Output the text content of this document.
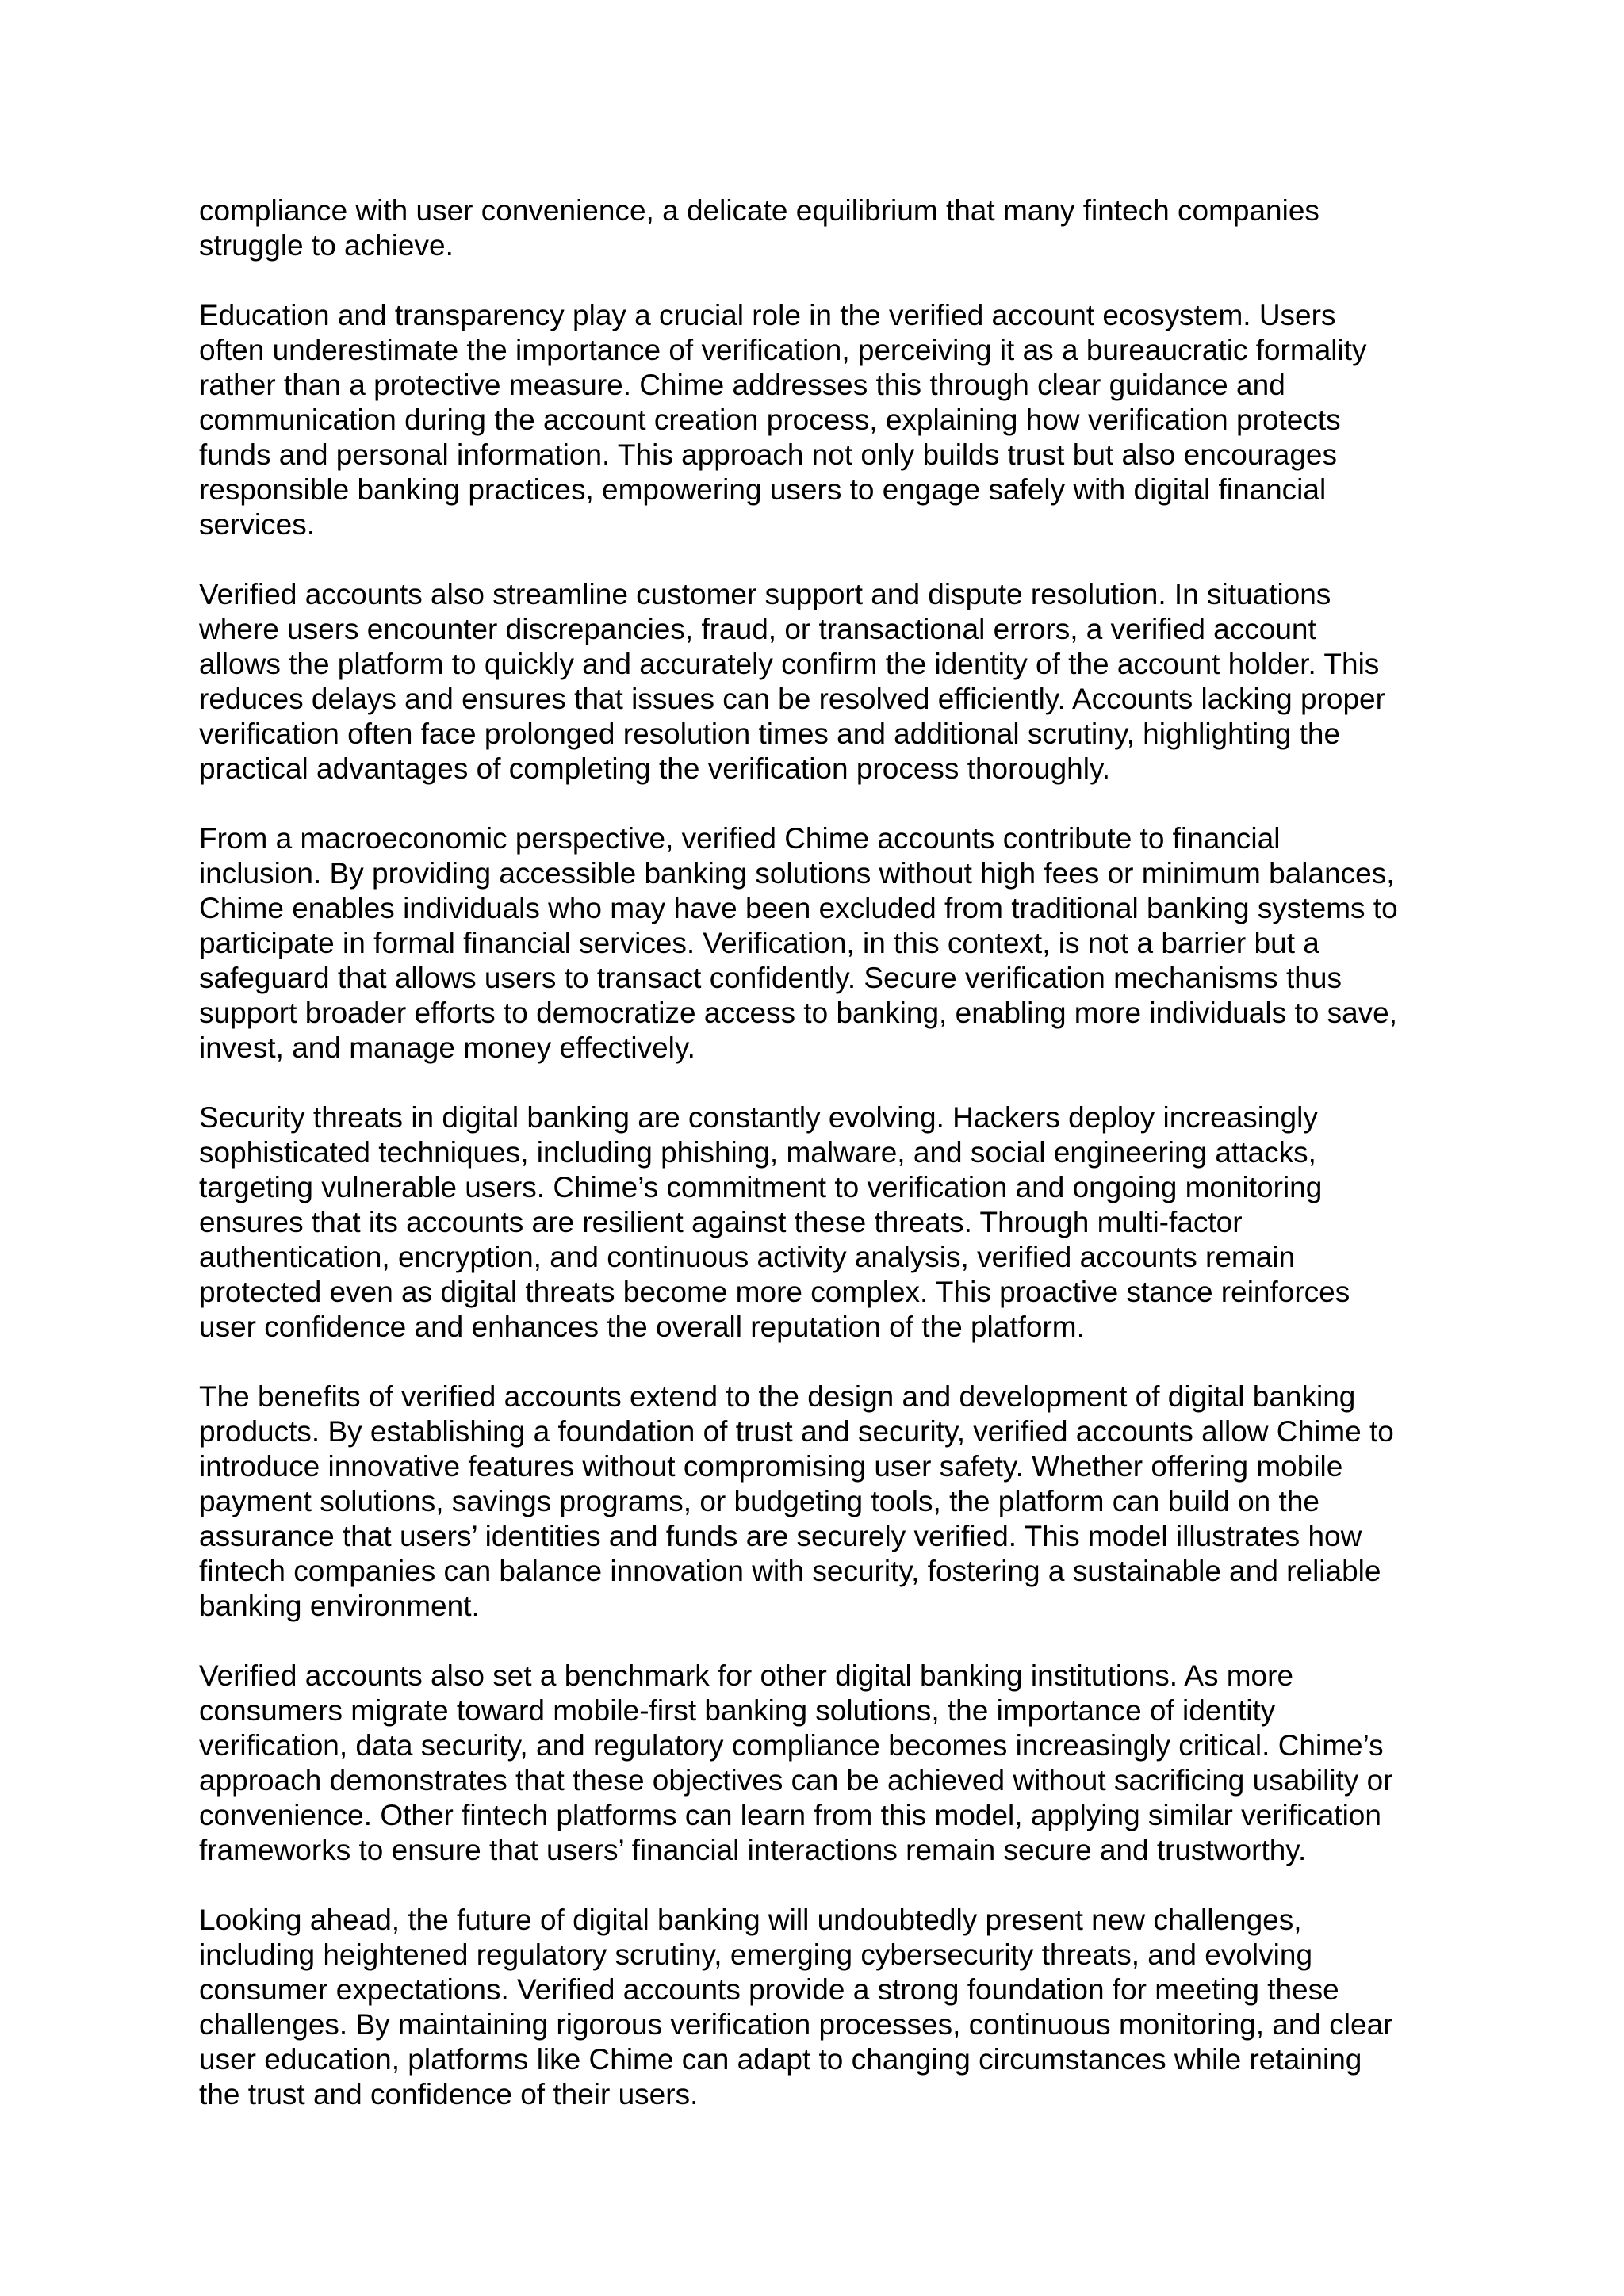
compliance with user convenience, a delicate equilibrium that many fintech companies
struggle to achieve.

Education and transparency play a crucial role in the verified account ecosystem. Users
often underestimate the importance of verification, perceiving it as a bureaucratic formality
rather than a protective measure. Chime addresses this through clear guidance and
communication during the account creation process, explaining how verification protects
funds and personal information. This approach not only builds trust but also encourages
responsible banking practices, empowering users to engage safely with digital financial
services.

Verified accounts also streamline customer support and dispute resolution. In situations
where users encounter discrepancies, fraud, or transactional errors, a verified account
allows the platform to quickly and accurately confirm the identity of the account holder. This
reduces delays and ensures that issues can be resolved efficiently. Accounts lacking proper
verification often face prolonged resolution times and additional scrutiny, highlighting the
practical advantages of completing the verification process thoroughly.

From a macroeconomic perspective, verified Chime accounts contribute to financial
inclusion. By providing accessible banking solutions without high fees or minimum balances,
Chime enables individuals who may have been excluded from traditional banking systems to
participate in formal financial services. Verification, in this context, is not a barrier but a
safeguard that allows users to transact confidently. Secure verification mechanisms thus
support broader efforts to democratize access to banking, enabling more individuals to save,
invest, and manage money effectively.

Security threats in digital banking are constantly evolving. Hackers deploy increasingly
sophisticated techniques, including phishing, malware, and social engineering attacks,
targeting vulnerable users. Chime’s commitment to verification and ongoing monitoring
ensures that its accounts are resilient against these threats. Through multi-factor
authentication, encryption, and continuous activity analysis, verified accounts remain
protected even as digital threats become more complex. This proactive stance reinforces
user confidence and enhances the overall reputation of the platform.

The benefits of verified accounts extend to the design and development of digital banking
products. By establishing a foundation of trust and security, verified accounts allow Chime to
introduce innovative features without compromising user safety. Whether offering mobile
payment solutions, savings programs, or budgeting tools, the platform can build on the
assurance that users’ identities and funds are securely verified. This model illustrates how
fintech companies can balance innovation with security, fostering a sustainable and reliable
banking environment.

Verified accounts also set a benchmark for other digital banking institutions. As more
consumers migrate toward mobile-first banking solutions, the importance of identity
verification, data security, and regulatory compliance becomes increasingly critical. Chime’s
approach demonstrates that these objectives can be achieved without sacrificing usability or
convenience. Other fintech platforms can learn from this model, applying similar verification
frameworks to ensure that users’ financial interactions remain secure and trustworthy.

Looking ahead, the future of digital banking will undoubtedly present new challenges,
including heightened regulatory scrutiny, emerging cybersecurity threats, and evolving
consumer expectations. Verified accounts provide a strong foundation for meeting these
challenges. By maintaining rigorous verification processes, continuous monitoring, and clear
user education, platforms like Chime can adapt to changing circumstances while retaining
the trust and confidence of their users.
